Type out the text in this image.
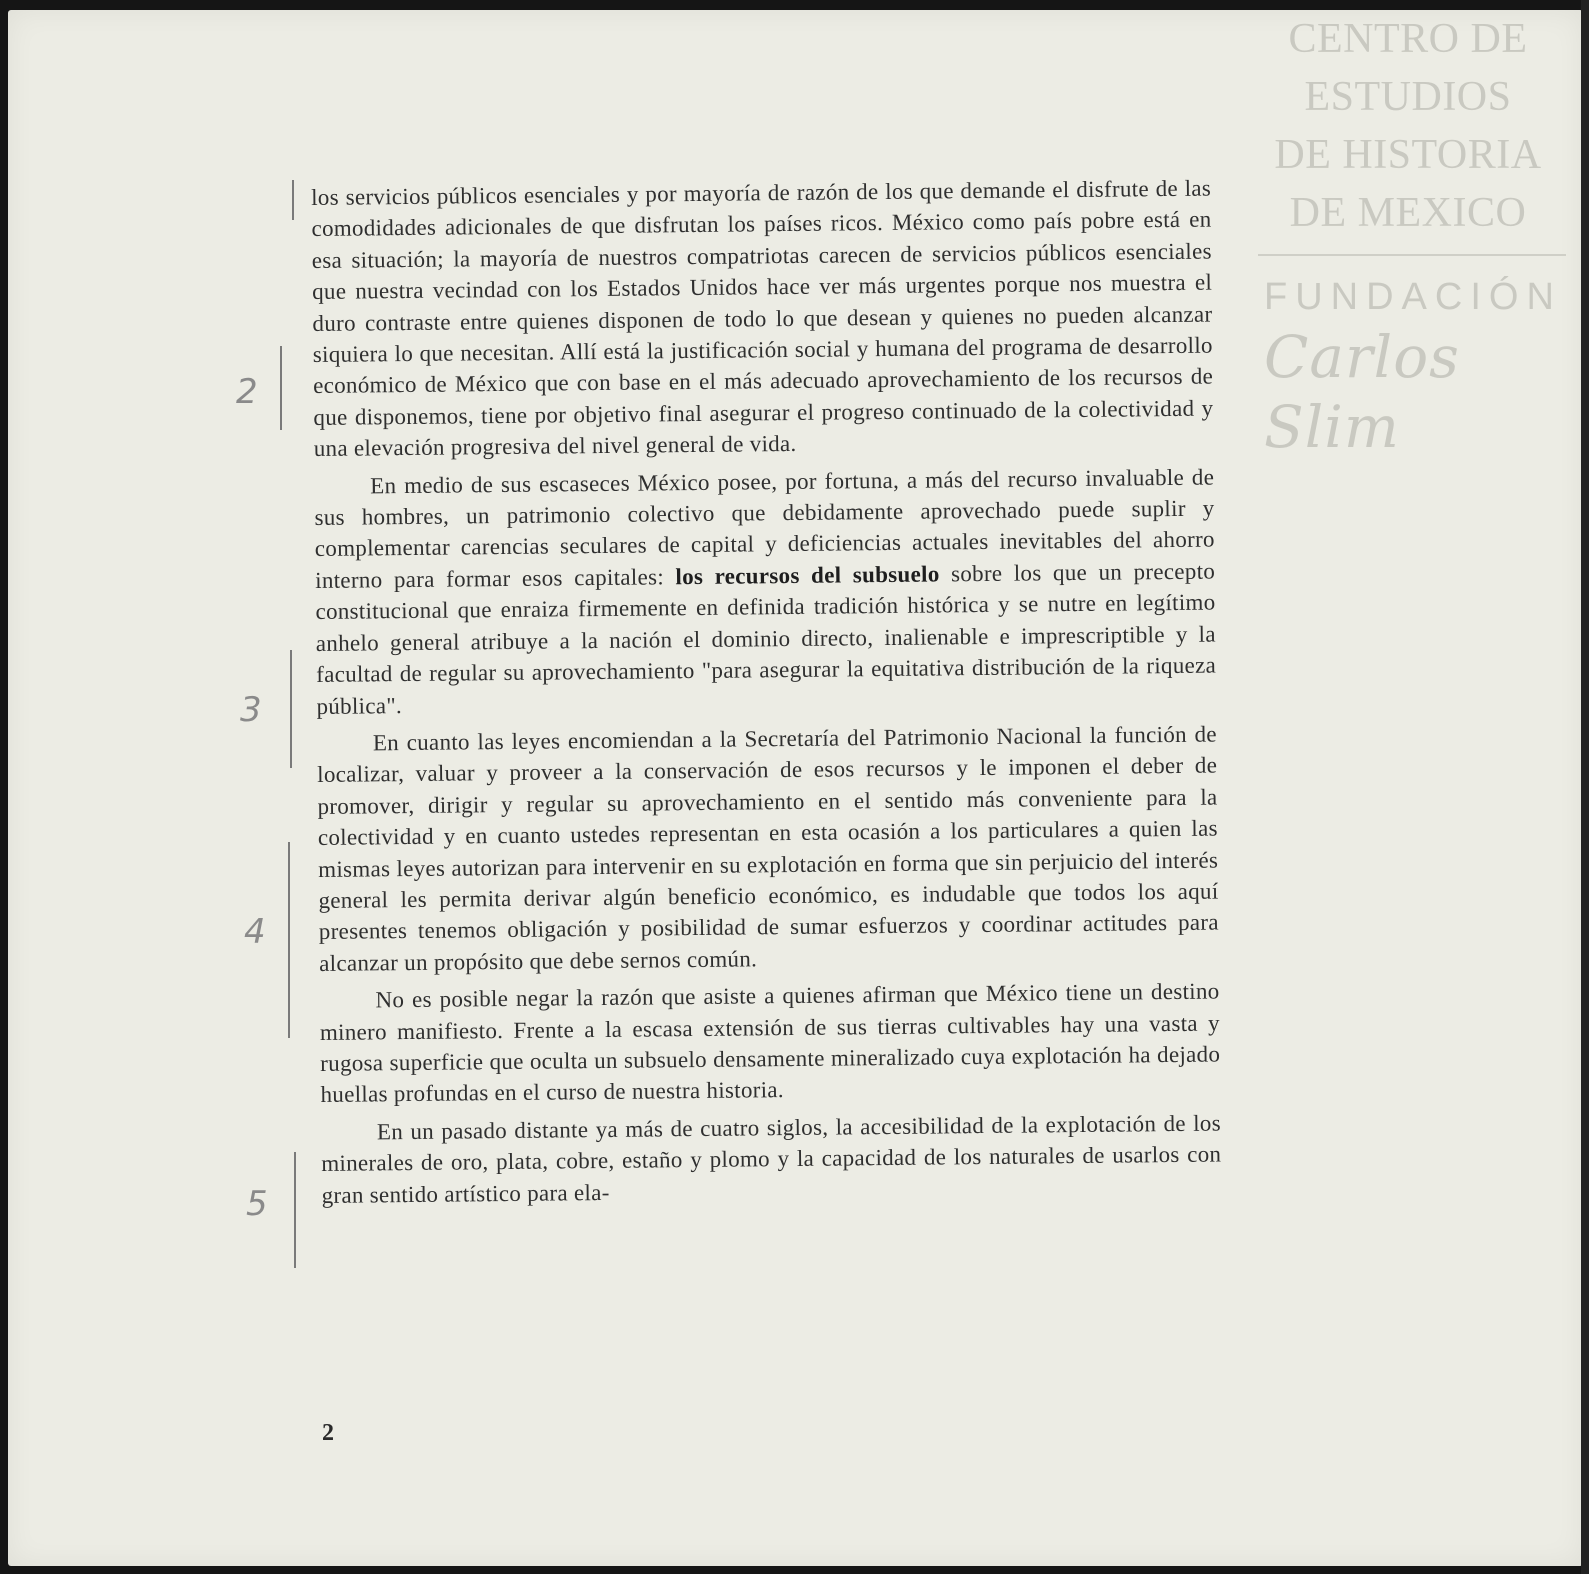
2
3
4
5

los servicios públicos esenciales y por mayoría de razón de los que demande el disfrute de las comodidades adicionales de que disfrutan los países ricos. México como país pobre está en esa situación; la mayoría de nuestros compatriotas carecen de servicios públicos esenciales que nuestra vecindad con los Estados Unidos hace ver más urgentes porque nos muestra el duro contraste entre quienes disponen de todo lo que desean y quienes no pueden alcanzar siquiera lo que necesitan. Allí está la justificación social y humana del programa de desarrollo económico de México que con base en el más adecuado aprovechamiento de los recursos de que disponemos, tiene por objetivo final asegurar el progreso continuado de la colectividad y una elevación progresiva del nivel general de vida.

En medio de sus escaseces México posee, por fortuna, a más del recurso invaluable de sus hombres, un patrimonio colectivo que debidamente aprovechado puede suplir y complementar carencias seculares de capital y deficiencias actuales inevitables del ahorro interno para formar esos capitales: los recursos del subsuelo sobre los que un precepto constitucional que enraiza firmemente en definida tradición histórica y se nutre en legítimo anhelo general atribuye a la nación el dominio directo, inalienable e imprescriptible y la facultad de regular su aprovechamiento "para asegurar la equitativa distribución de la riqueza pública".

En cuanto las leyes encomiendan a la Secretaría del Patrimonio Nacional la función de localizar, valuar y proveer a la conservación de esos recursos y le imponen el deber de promover, dirigir y regular su aprovechamiento en el sentido más conveniente para la colectividad y en cuanto ustedes representan en esta ocasión a los particulares a quien las mismas leyes autorizan para intervenir en su explotación en forma que sin perjuicio del interés general les permita derivar algún beneficio económico, es indudable que todos los aquí presentes tenemos obligación y posibilidad de sumar esfuerzos y coordinar actitudes para alcanzar un propósito que debe sernos común.

No es posible negar la razón que asiste a quienes afirman que México tiene un destino minero manifiesto. Frente a la escasa extensión de sus tierras cultivables hay una vasta y rugosa superficie que oculta un subsuelo densamente mineralizado cuya explotación ha dejado huellas profundas en el curso de nuestra historia.

En un pasado distante ya más de cuatro siglos, la accesibilidad de la explotación de los minerales de oro, plata, cobre, estaño y plomo y la capacidad de los naturales de usarlos con gran sentido artístico para ela-

2
CENTRO DE
ESTUDIOS
DE HISTORIA
DE MEXICO
FUNDACIÓN
Carlos Slim
